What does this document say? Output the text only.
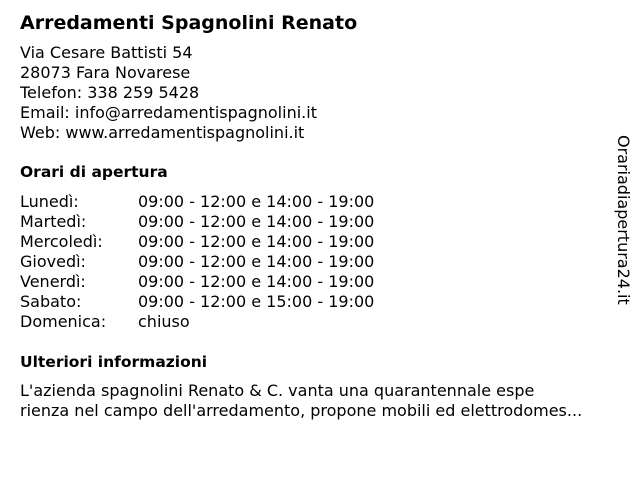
Arredamenti Spagnolini Renato
Via Cesare Battisti 54
28073 Fara Novarese
Telefon: 338 259 5428
Email: info@arredamentispagnolini.it
Web: www.arredamentispagnolini.it
Orari di apertura
Lunedì:	09:00 - 12:00 e 14:00 - 19:00
Martedì:	09:00 - 12:00 e 14:00 - 19:00
Mercoledì: 09:00 - 12:00 e 14:00 - 19:00
Giovedì:	09:00 - 12:00 e 14:00 - 19:00
Venerdì:	09:00 - 12:00 e 14:00 - 19:00
Sabato:	09:00 - 12:00 e 15:00 - 19:00
Domenica: chiuso
Ulteriori informazioni
L'azienda spagnolini Renato & C. vanta una quarantennale espe
rienza nel campo dell'arredamento, propone mobili ed elettrodomes...
Orariadiapertura24.it
